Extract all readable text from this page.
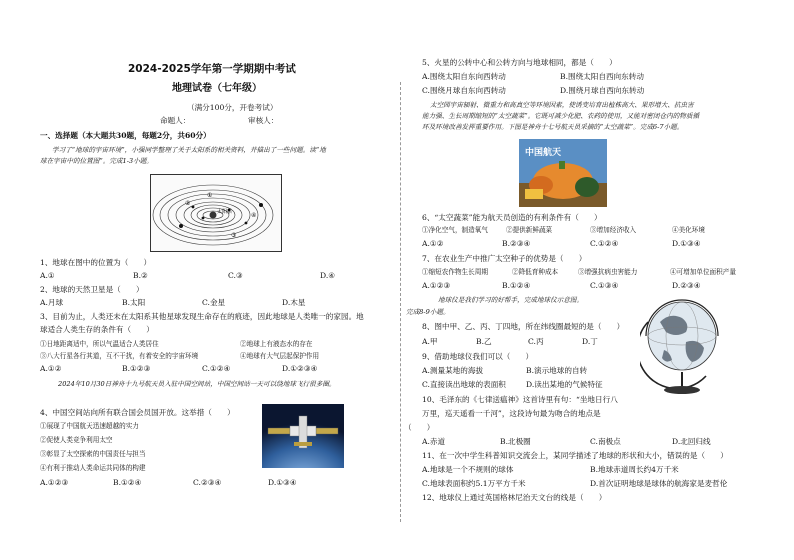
2024-2025学年第一学期期中考试
地理试卷（七年级）
（满分100分，开卷考试）
命题人：	审核人：
一、选择题（本大题共30题，每题2分，共60分）
学习了“地球的宇宙环境”，小强同学整理了关于太阳系的相关资料，并描出了一些问题。读“地
球在宇宙中的位置图”。完成1-3小题。
①
②
③
④
太阳系
1、地球在图中的位置为（　　）
A.①	B.②	C.③	D.④
2、地球的天然卫星是（　　）
A.月球	B.太阳	C.金星	D.木星
3、目前为止，人类还未在太阳系其他星球发现生命存在的痕迹，因此地球是人类唯一的家园。地
球适合人类生存的条件有（　　）
①日地距离适中，所以气温适合人类居住	②地球上有液态水的存在
③八大行星各行其道，互不干扰，有着安全的宇宙环境	④地球有大气层起保护作用
A.①②	B.①②③	C.①②④	D.①②③④
2024年10月30日神舟十九号航天员入驻中国空间站，中国空间站一天可以绕地球飞行很多圈。
4、中国空间站向所有联合国会员国开放。这举措（　　）
①展现了中国航天迅速超越的实力
②促使人类竞争利用太空
③彰显了太空探索的中国责任与担当
④有利于推动人类命运共同体的构建
A.①②③	B.①②④	C.②③④	D.①③④
5、火星的公转中心和公转方向与地球相同，都是（　　）
A.围绕太阳自东向西转动	B.围绕太阳自西向东转动
C.围绕月球自东向西转动	D.围绕月球自西向东转动
太空园宇宙辐射、微重力和高真空等环境因素，使诱变培育出植株高大、果形增大、抗虫害
能力强、生长周期缩短的“太空蔬菜”。它既可减少化肥、农药的使用，又能对密闭仓内的物质循
环及环境改善发挥重要作用。下图是神舟十七号航天员采摘的“太空蔬菜”。完成6-7小题。
中国航天
6、“太空蔬菜”能为航天员创造的有利条件有（　　）
①净化空气，制造氧气	②提供新鲜蔬菜	③增加经济收入	④美化环境
A.①②	B.②③④	C.①②④	D.①③④
7、在农业生产中推广太空种子的优势是（　　）
①缩短农作物生长周期	②降低育种成本	③增强抗病虫害能力	④可增加单位面积产量
A.①②③	B.①②④	C.①③④	D.②③④
地球仪是我们学习的好帮手，完成地球仪示意图。
完成8-9小题。
8、图中甲、乙、丙、丁四地，所在纬线圈最短的是（　　）
A.甲	B.乙	C.丙	D.丁
9、借助地球仪我们可以（　　）
A.测量某地的海拔	B.演示地球的自转
C.直接读出地球的表面积	D.读出某地的气候特征
10、毛泽东的《七律送瘟神》这首诗里有句：“坐地日行八
万里，巡天遥看一千河”，这段诗句最为吻合的地点是
（　　）
A.赤道	B.北极圈	C.南极点	D.北回归线
11、在一次中学生科普知识交流会上，某同学描述了地球的形状和大小，错误的是（　　）
A.地球是一个不规则的球体	B.地球赤道周长约4万千米
C.地球表面积约5.1万平方千米	D.首次证明地球是球体的航海家是麦哲伦
12、地球仪上通过英国格林尼治天文台的线是（　　）
